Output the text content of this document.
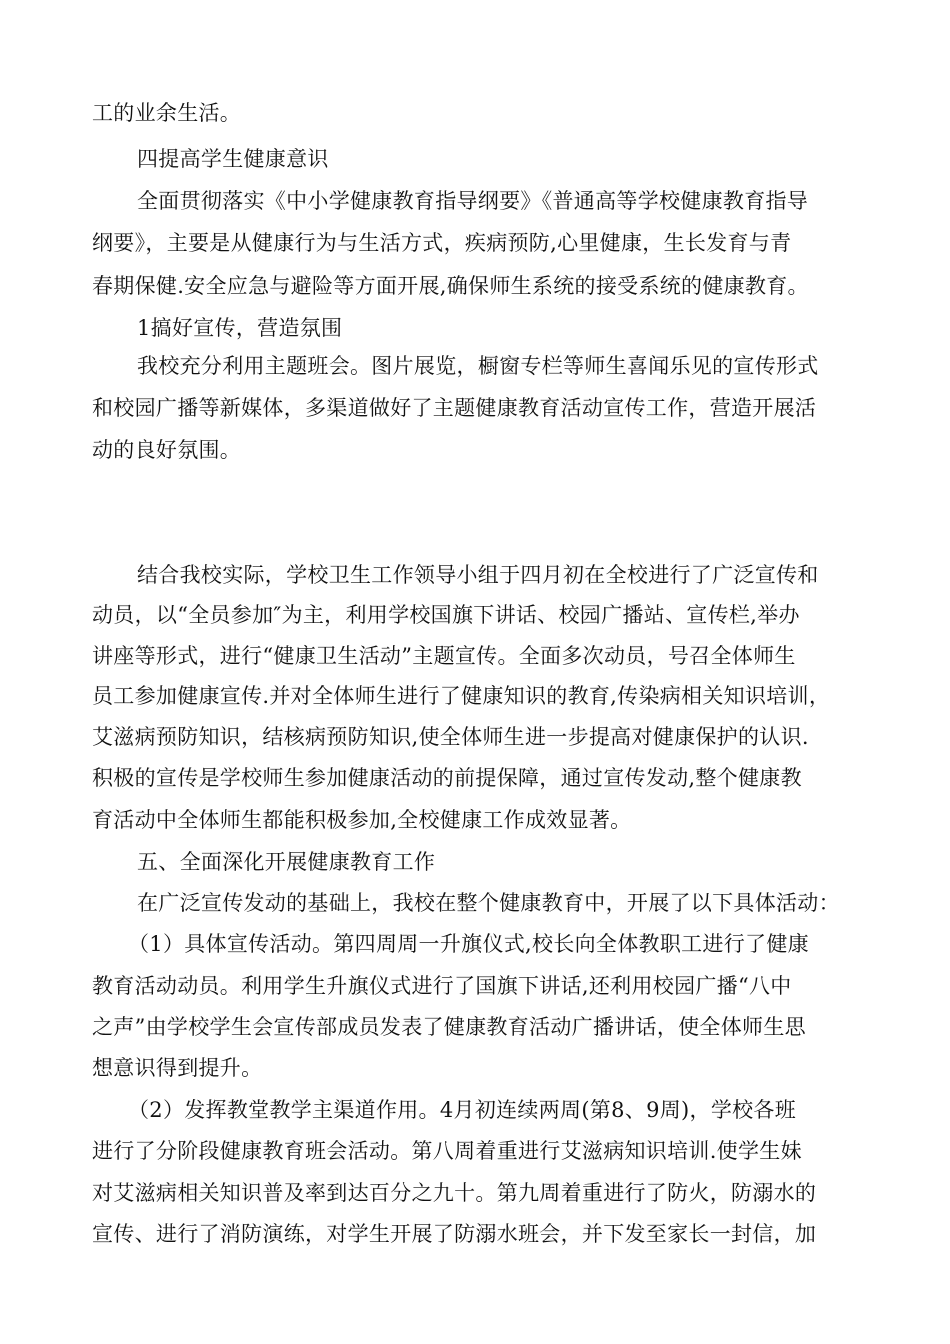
工的业余生活。
四提高学生健康意识
全面贯彻落实《中小学健康教育指导纲要》《普通高等学校健康教育指导
纲要》，主要是从健康行为与生活方式，疾病预防,心里健康，生长发育与青
春期保健.安全应急与避险等方面开展,确保师生系统的接受系统的健康教育。
1搞好宣传，营造氛围
我校充分利用主题班会。图片展览，橱窗专栏等师生喜闻乐见的宣传形式
和校园广播等新媒体，多渠道做好了主题健康教育活动宣传工作，营造开展活
动的良好氛围。
结合我校实际，学校卫生工作领导小组于四月初在全校进行了广泛宣传和
动员，以“全员参加″为主，利用学校国旗下讲话、校园广播站、宣传栏,举办
讲座等形式，进行“健康卫生活动”主题宣传。全面多次动员，号召全体师生
员工参加健康宣传.并对全体师生进行了健康知识的教育,传染病相关知识培训，
艾滋病预防知识，结核病预防知识,使全体师生进一步提高对健康保护的认识.
积极的宣传是学校师生参加健康活动的前提保障，通过宣传发动,整个健康教
育活动中全体师生都能积极参加,全校健康工作成效显著。
五、全面深化开展健康教育工作
在广泛宣传发动的基础上，我校在整个健康教育中，开展了以下具体活动：
（1）具体宣传活动。第四周周一升旗仪式,校长向全体教职工进行了健康
教育活动动员。利用学生升旗仪式进行了国旗下讲话,还利用校园广播“八中
之声”由学校学生会宣传部成员发表了健康教育活动广播讲话，使全体师生思
想意识得到提升。
（2）发挥教堂教学主渠道作用。4月初连续两周(第8、9周)，学校各班
进行了分阶段健康教育班会活动。第八周着重进行艾滋病知识培训.使学生妹
对艾滋病相关知识普及率到达百分之九十。第九周着重进行了防火，防溺水的
宣传、进行了消防演练，对学生开展了防溺水班会，并下发至家长一封信，加
